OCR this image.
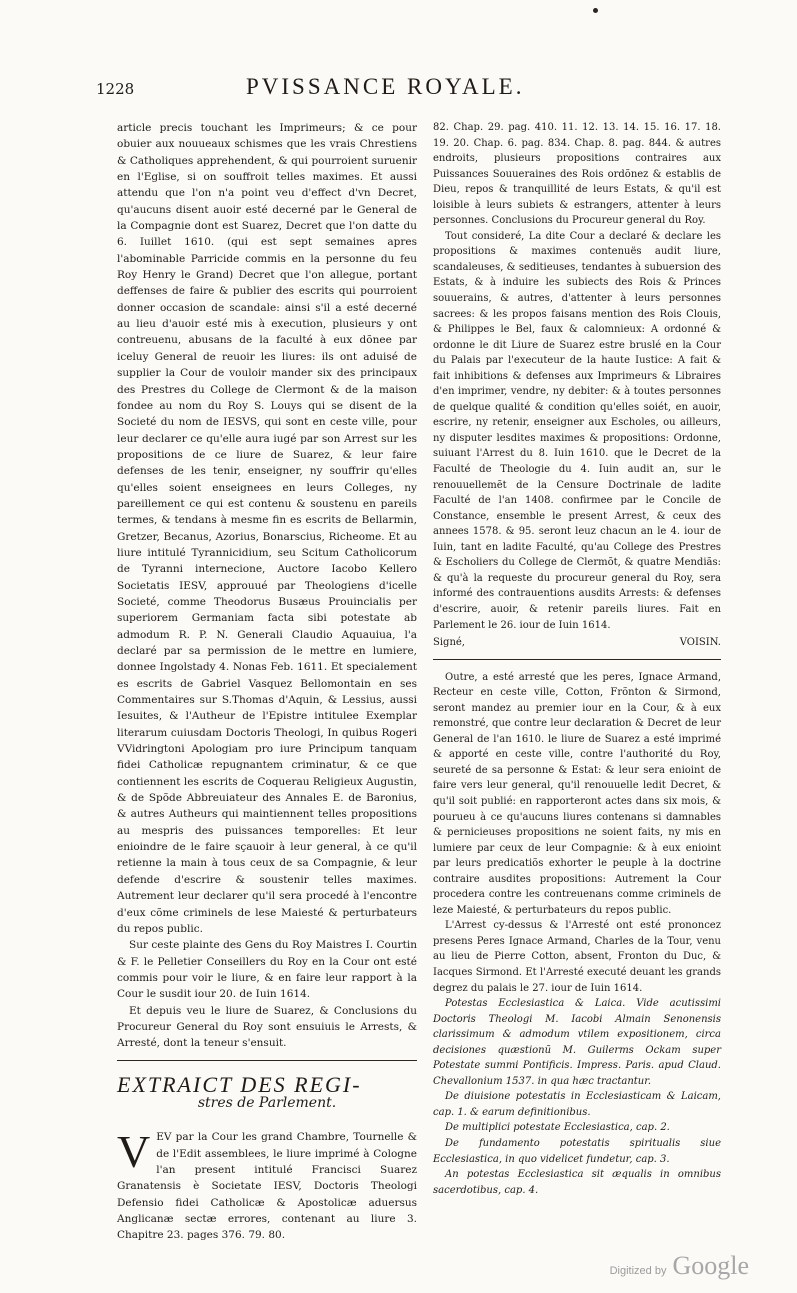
1228	PVISSANCE ROYALE.

article precis touchant les Imprimeurs; & ce pour obuier aux nouueaux schismes que les vrais Chrestiens & Catholiques apprehendent, & qui pourroient suruenir en l'Eglise, si on souffroit telles maximes. Et aussi attendu que l'on n'a point veu d'effect d'vn Decret, qu'aucuns disent auoir esté decerné par le General de la Compagnie dont est Suarez, Decret que l'on datte du 6. Iuillet 1610. (qui est sept semaines apres l'abominable Parricide commis en la personne du feu Roy Henry le Grand) Decret que l'on allegue, portant deffenses de faire & publier des escrits qui pourroient donner occasion de scandale: ainsi s'il a esté decerné au lieu d'auoir esté mis à execution, plusieurs y ont contreuenu, abusans de la faculté à eux dõnee par iceluy General de reuoir les liures: ils ont aduisé de supplier la Cour de vouloir mander six des principaux des Prestres du College de Clermont & de la maison fondee au nom du Roy S. Louys qui se disent de la Societé du nom de IESVS, qui sont en ceste ville, pour leur declarer ce qu'elle aura iugé par son Arrest sur les propositions de ce liure de Suarez, & leur faire defenses de les tenir, enseigner, ny souffrir qu'elles qu'elles soient enseignees en leurs Colleges, ny pareillement ce qui est contenu & soustenu en pareils termes, & tendans à mesme fin es escrits de Bellarmin, Gretzer, Becanus, Azorius, Bonarscius, Richeome. Et au liure intitulé Tyrannicidium, seu Scitum Catholicorum de Tyranni internecione, Auctore Iacobo Kellero Societatis IESV, approuué par Theologiens d'icelle Societé, comme Theodorus Busæus Prouincialis per superiorem Germaniam facta sibi potestate ab admodum R. P. N. Generali Claudio Aquauiua, l'a declaré par sa permission de le mettre en lumiere, donnee Ingolstady 4. Nonas Feb. 1611. Et specialement es escrits de Gabriel Vasquez Bellomontain en ses Commentaires sur S.Thomas d'Aquin, & Lessius, aussi Iesuites, & l'Autheur de l'Epistre intitulee Exemplar literarum cuiusdam Doctoris Theologi, In quibus Rogeri VVidringtoni Apologiam pro iure Principum tanquam fidei Catholicæ repugnantem criminatur, & ce que contiennent les escrits de Coquerau Religieux Augustin, & de Spõde Abbreuiateur des Annales E. de Baronius, & autres Autheurs qui maintiennent telles propositions au mespris des puissances temporelles: Et leur enioindre de le faire sçauoir à leur general, à ce qu'il retienne la main à tous ceux de sa Compagnie, & leur defende d'escrire & soustenir telles maximes. Autrement leur declarer qu'il sera procedé à l'encontre d'eux cõme criminels de lese Maiesté & perturbateurs du repos public.

Sur ceste plainte des Gens du Roy Maistres I. Courtin & F. le Pelletier Conseillers du Roy en la Cour ont esté commis pour voir le liure, & en faire leur rapport à la Cour le susdit iour 20. de Iuin 1614.

Et depuis veu le liure de Suarez, & Conclusions du Procureur General du Roy sont ensuiuis le Arrests, & Arresté, dont la teneur s'ensuit.

EXTRAICT DES REGI-
stres de Parlement.

VEV par la Cour les grand Chambre, Tournelle & de l'Edit assemblees, le liure imprimé à Cologne l'an present intitulé Francisci Suarez Granatensis è Societate IESV, Doctoris Theologi Defensio fidei Catholicæ & Apostolicæ aduersus Anglicanæ sectæ errores, contenant au liure 3. Chapitre 23. pages 376. 79. 80.

82. Chap. 29. pag. 410. 11. 12. 13. 14. 15. 16. 17. 18. 19. 20. Chap. 6. pag. 834. Chap. 8. pag. 844. & autres endroits, plusieurs propositions contraires aux Puissances Souueraines des Rois ordõnez & establis de Dieu, repos & tranquillité de leurs Estats, & qu'il est loisible à leurs subiets & estrangers, attenter à leurs personnes. Conclusions du Procureur general du Roy.

Tout consideré, La dite Cour a declaré & declare les propositions & maximes contenuës audit liure, scandaleuses, & seditieuses, tendantes à subuersion des Estats, & à induire les subiects des Rois & Princes souuerains, & autres, d'attenter à leurs personnes sacrees: & les propos faisans mention des Rois Clouis, & Philippes le Bel, faux & calomnieux: A ordonné & ordonne le dit Liure de Suarez estre bruslé en la Cour du Palais par l'executeur de la haute Iustice: A fait & fait inhibitions & defenses aux Imprimeurs & Libraires d'en imprimer, vendre, ny debiter: & à toutes personnes de quelque qualité & condition qu'elles soiét, en auoir, escrire, ny retenir, enseigner aux Escholes, ou ailleurs, ny disputer lesdites maximes & propositions: Ordonne, suiuant l'Arrest du 8. Iuin 1610. que le Decret de la Faculté de Theologie du 4. Iuin audit an, sur le renouuellemẽt de la Censure Doctrinale de ladite Faculté de l'an 1408. confirmee par le Concile de Constance, ensemble le present Arrest, & ceux des annees 1578. & 95. seront leuz chacun an le 4. iour de Iuin, tant en ladite Faculté, qu'au College des Prestres & Escholiers du College de Clermõt, & quatre Mendiãs: & qu'à la requeste du procureur general du Roy, sera informé des contrauentions ausdits Arrests: & defenses d'escrire, auoir, & retenir pareils liures. Fait en Parlement le 26. iour de Iuin 1614.

Signé,	VOISIN.

Outre, a esté arresté que les peres, Ignace Armand, Recteur en ceste ville, Cotton, Frõnton & Sirmond, seront mandez au premier iour en la Cour, & à eux remonstré, que contre leur declaration & Decret de leur General de l'an 1610. le liure de Suarez a esté imprimé & apporté en ceste ville, contre l'authorité du Roy, seureté de sa personne & Estat: & leur sera enioint de faire vers leur general, qu'il renouuelle ledit Decret, & qu'il soit publié: en rapporteront actes dans six mois, & pourueu à ce qu'aucuns liures contenans si damnables & pernicieuses propositions ne soient faits, ny mis en lumiere par ceux de leur Compagnie: & à eux enioint par leurs predicatiõs exhorter le peuple à la doctrine contraire ausdites propositions: Autrement la Cour procedera contre les contreuenans comme criminels de leze Maiesté, & perturbateurs du repos public.

L'Arrest cy-dessus & l'Arresté ont esté prononcez presens Peres Ignace Armand, Charles de la Tour, venu au lieu de Pierre Cotton, absent, Fronton du Duc, & Iacques Sirmond. Et l'Arresté executé deuant les grands degrez du palais le 27. iour de Iuin 1614.

Potestas Ecclesiastica & Laica. Vide acutissimi Doctoris Theologi M. Iacobi Almain Senonensis clarissimum & admodum vtilem expositionem, circa decisiones quæstionũ M. Guilerms Ockam super Potestate summi Pontificis. Impress. Paris. apud Claud. Chevallonium 1537. in qua hæc tractantur.

De diuisione potestatis in Ecclesiasticam & Laicam, cap. 1. & earum definitionibus.

De multiplici potestate Ecclesiastica, cap. 2.

De fundamento potestatis spiritualis siue Ecclesiastica, in quo videlicet fundetur, cap. 3.

An potestas Ecclesiastica sit æqualis in omnibus sacerdotibus, cap. 4.

Digitized by Google
